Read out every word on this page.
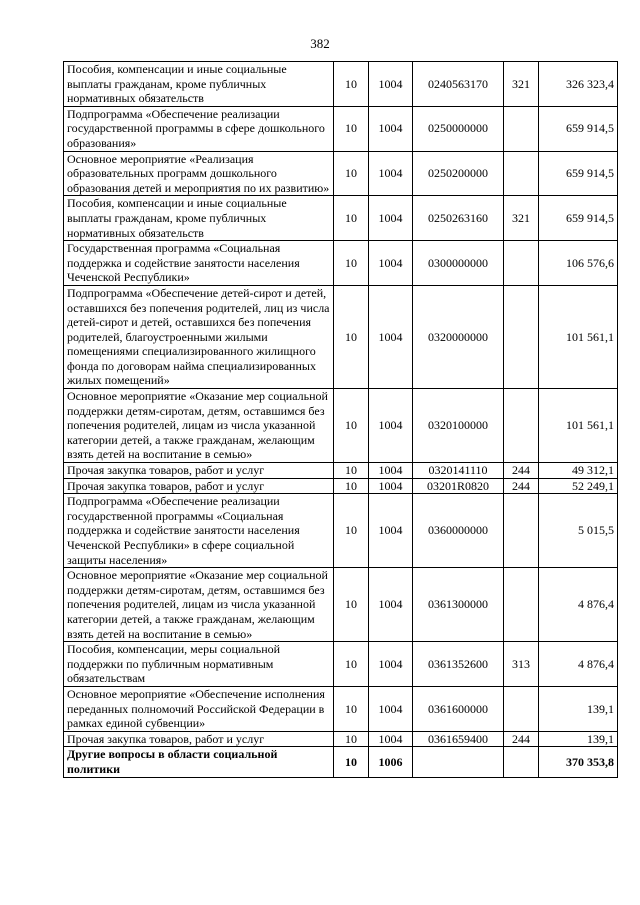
382
Пособия, компенсации и иные социальные выплаты гражданам, кроме публичных нормативных обязательств	10	1004	0240563170	321	326 323,4
Подпрограмма «Обеспечение реализации государственной программы в сфере дошкольного образования»	10	1004	0250000000		659 914,5
Основное мероприятие «Реализация образовательных программ дошкольного образования детей и мероприятия по их развитию»	10	1004	0250200000		659 914,5
Пособия, компенсации и иные социальные выплаты гражданам, кроме публичных нормативных обязательств	10	1004	0250263160	321	659 914,5
Государственная программа «Социальная поддержка и содействие занятости населения Чеченской Республики»	10	1004	0300000000		106 576,6
Подпрограмма «Обеспечение детей-сирот и детей, оставшихся без попечения родителей, лиц из числа детей-сирот и детей, оставшихся без попечения родителей, благоустроенными жилыми помещениями специализированного жилищного фонда по договорам найма специализированных жилых помещений»	10	1004	0320000000		101 561,1
Основное мероприятие «Оказание мер социальной поддержки детям-сиротам, детям, оставшимся без попечения родителей, лицам из числа указанной категории детей, а также гражданам, желающим взять детей на воспитание в семью»	10	1004	0320100000		101 561,1
Прочая закупка товаров, работ и услуг	10	1004	0320141110	244	49 312,1
Прочая закупка товаров, работ и услуг	10	1004	03201R0820	244	52 249,1
Подпрограмма «Обеспечение реализации государственной программы «Социальная поддержка и содействие занятости населения Чеченской Республики» в сфере социальной защиты населения»	10	1004	0360000000		5 015,5
Основное мероприятие «Оказание мер социальной поддержки детям-сиротам, детям, оставшимся без попечения родителей, лицам из числа указанной категории детей, а также гражданам, желающим взять детей на воспитание в семью»	10	1004	0361300000		4 876,4
Пособия, компенсации, меры социальной поддержки по публичным нормативным обязательствам	10	1004	0361352600	313	4 876,4
Основное мероприятие «Обеспечение исполнения переданных полномочий Российской Федерации в рамках единой субвенции»	10	1004	0361600000		139,1
Прочая закупка товаров, работ и услуг	10	1004	0361659400	244	139,1
Другие вопросы в области социальной политики	10	1006			370 353,8
